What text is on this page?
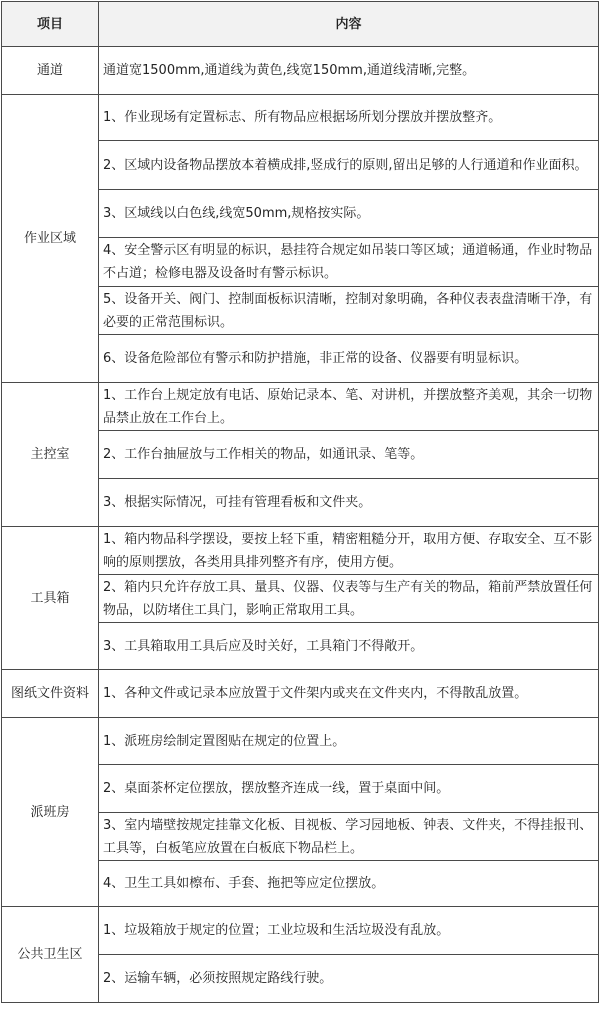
项目	内容
通道	通道宽1500mm,通道线为黄色,线宽150mm,通道线清晰,完整。
作业区域	1、作业现场有定置标志、所有物品应根据场所划分摆放并摆放整齐。
	2、区域内设备物品摆放本着横成排,竖成行的原则,留出足够的人行通道和作业面积。
	3、区域线以白色线,线宽50mm,规格按实际。
	4、安全警示区有明显的标识，悬挂符合规定如吊装口等区域；通道畅通，作业时物品不占道；检修电器及设备时有警示标识。
	5、设备开关、阀门、控制面板标识清晰，控制对象明确，各种仪表表盘清晰干净，有必要的正常范围标识。
	6、设备危险部位有警示和防护措施，非正常的设备、仪器要有明显标识。
主控室	1、工作台上规定放有电话、原始记录本、笔、对讲机，并摆放整齐美观，其余一切物品禁止放在工作台上。
	2、工作台抽屉放与工作相关的物品，如通讯录、笔等。
	3、根据实际情况，可挂有管理看板和文件夹。
工具箱	1、箱内物品科学摆设，要按上轻下重，精密粗糙分开，取用方便、存取安全、互不影响的原则摆放，各类用具排列整齐有序，使用方便。
	2、箱内只允许存放工具、量具、仪器、仪表等与生产有关的物品，箱前严禁放置任何物品，以防堵住工具门，影响正常取用工具。
	3、工具箱取用工具后应及时关好，工具箱门不得敞开。
图纸文件资料	1、各种文件或记录本应放置于文件架内或夹在文件夹内，不得散乱放置。
派班房	1、派班房绘制定置图贴在规定的位置上。
	2、桌面茶杯定位摆放，摆放整齐连成一线，置于桌面中间。
	3、室内墙壁按规定挂靠文化板、目视板、学习园地板、钟表、文件夹，不得挂报刊、工具等，白板笔应放置在白板底下物品栏上。
	4、卫生工具如檫布、手套、拖把等应定位摆放。
公共卫生区	1、垃圾箱放于规定的位置；工业垃圾和生活垃圾没有乱放。
	2、运输车辆，必须按照规定路线行驶。
